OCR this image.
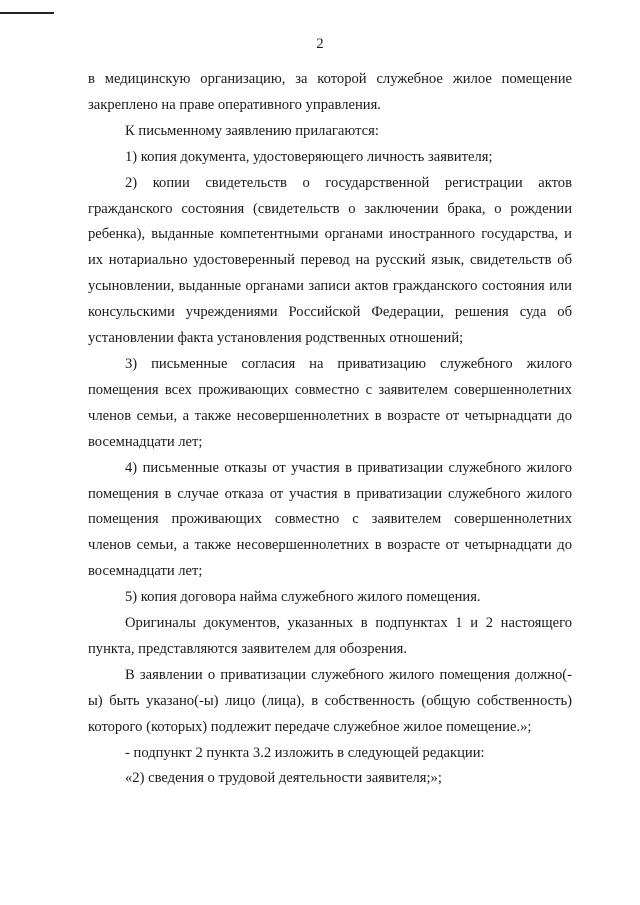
2

в медицинскую организацию, за которой служебное жилое помещение закреплено на праве оперативного управления.

К письменному заявлению прилагаются:

1) копия документа, удостоверяющего личность заявителя;

2) копии свидетельств о государственной регистрации актов гражданского состояния (свидетельств о заключении брака, о рождении ребенка), выданные компетентными органами иностранного государства, и их нотариально удостоверенный перевод на русский язык, свидетельств об усыновлении, выданные органами записи актов гражданского состояния или консульскими учреждениями Российской Федерации, решения суда об установлении факта установления родственных отношений;

3) письменные согласия на приватизацию служебного жилого помещения всех проживающих совместно с заявителем совершеннолетних членов семьи, а также несовершеннолетних в возрасте от четырнадцати до восемнадцати лет;

4) письменные отказы от участия в приватизации служебного жилого помещения в случае отказа от участия в приватизации служебного жилого помещения проживающих совместно с заявителем совершеннолетних членов семьи, а также несовершеннолетних в возрасте от четырнадцати до восемнадцати лет;

5) копия договора найма служебного жилого помещения.

Оригиналы документов, указанных в подпунктах 1 и 2 настоящего пункта, представляются заявителем для обозрения.

В заявлении о приватизации служебного жилого помещения должно(-ы) быть указано(-ы) лицо (лица), в собственность (общую собственность) которого (которых) подлежит передаче служебное жилое помещение.»;

- подпункт 2 пункта 3.2 изложить в следующей редакции:

«2) сведения о трудовой деятельности заявителя;»;
